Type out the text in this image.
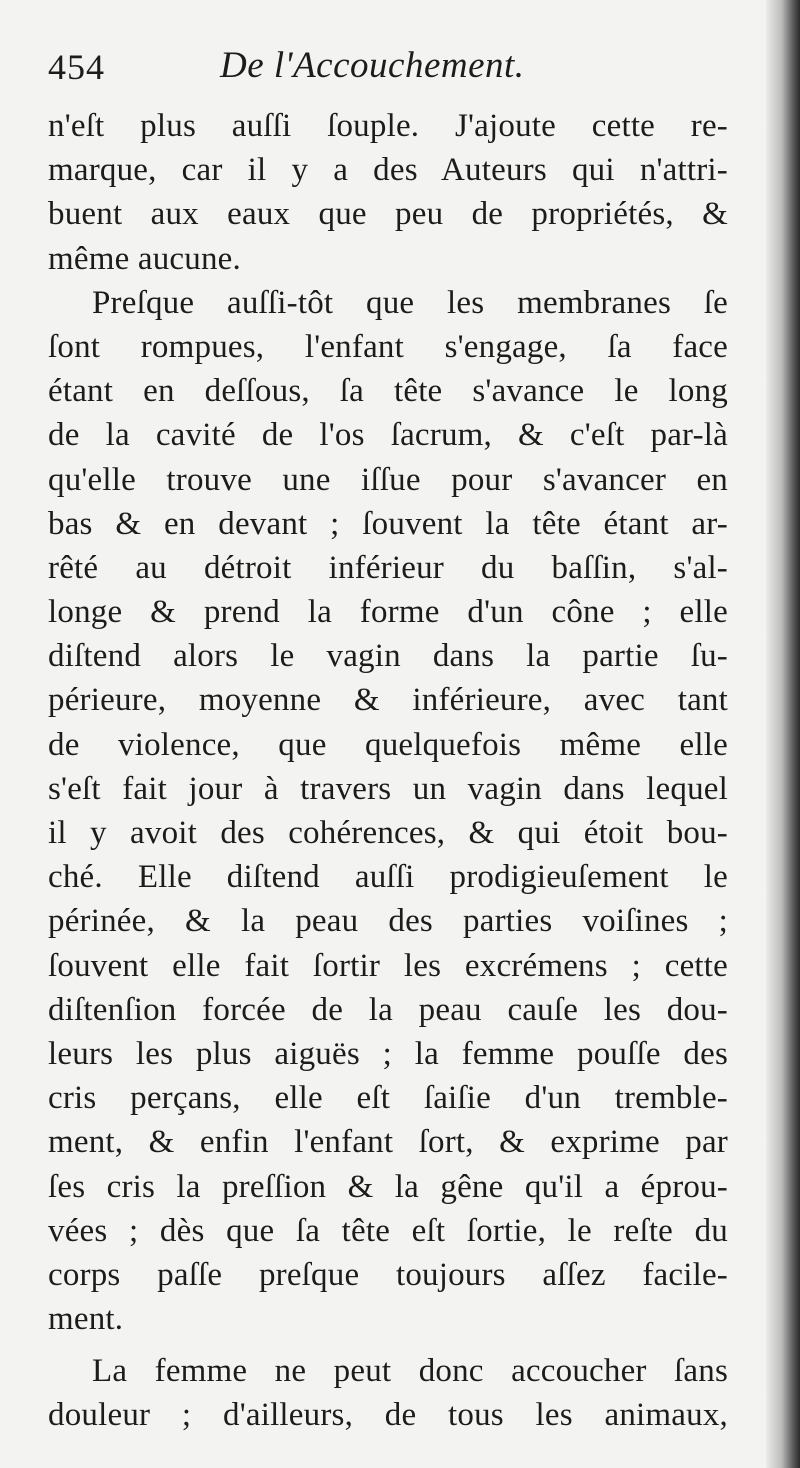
454	De l'Accouchement.
n'eſt plus auſſi ſouple. J'ajoute cette re-
marque, car il y a des Auteurs qui n'attri-
buent aux eaux que peu de propriétés, &
même aucune.
Preſque auſſi-tôt que les membranes ſe
ſont rompues, l'enfant s'engage, ſa face
étant en deſſous, ſa tête s'avance le long
de la cavité de l'os ſacrum, & c'eſt par-là
qu'elle trouve une iſſue pour s'avancer en
bas & en devant ; ſouvent la tête étant ar-
rêté au détroit inférieur du baſſin, s'al-
longe & prend la forme d'un cône ; elle
diſtend alors le vagin dans la partie ſu-
périeure, moyenne & inférieure, avec tant
de violence, que quelquefois même elle
s'eſt fait jour à travers un vagin dans lequel
il y avoit des cohérences, & qui étoit bou-
ché. Elle diſtend auſſi prodigieuſement le
périnée, & la peau des parties voiſines ;
ſouvent elle fait ſortir les excrémens ; cette
diſtenſion forcée de la peau cauſe les dou-
leurs les plus aiguës ; la femme pouſſe des
cris perçans, elle eſt ſaiſie d'un tremble-
ment, & enfin l'enfant ſort, & exprime par
ſes cris la preſſion & la gêne qu'il a éprou-
vées ; dès que ſa tête eſt ſortie, le reſte du
corps paſſe preſque toujours aſſez facile-
ment.
La femme ne peut donc accoucher ſans
douleur ; d'ailleurs, de tous les animaux,
